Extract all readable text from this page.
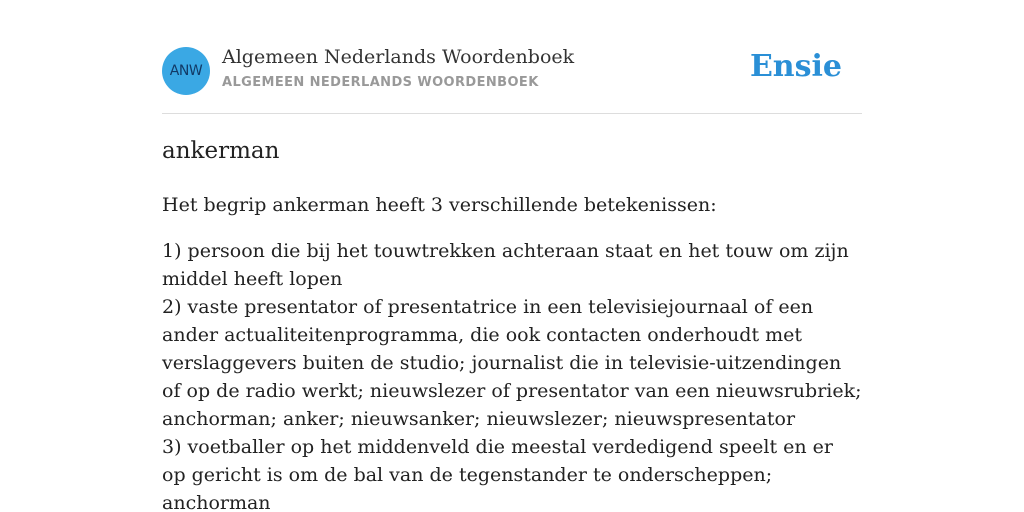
ANW
Algemeen Nederlands Woordenboek
ALGEMEEN NEDERLANDS WOORDENBOEK	Ensie
ankerman
Het begrip ankerman heeft 3 verschillende betekenissen:
1) persoon die bij het touwtrekken achteraan staat en het touw om zijn middel heeft lopen
2) vaste presentator of presentatrice in een televisiejournaal of een ander actualiteitenprogramma, die ook contacten onderhoudt met verslaggevers buiten de studio; journalist die in televisie-uitzendingen of op de radio werkt; nieuwslezer of presentator van een nieuwsrubriek; anchorman; anker; nieuwsanker; nieuwslezer; nieuwspresentator
3) voetballer op het middenveld die meestal verdedigend speelt en er op gericht is om de bal van de tegenstander te onderscheppen; anchorman
